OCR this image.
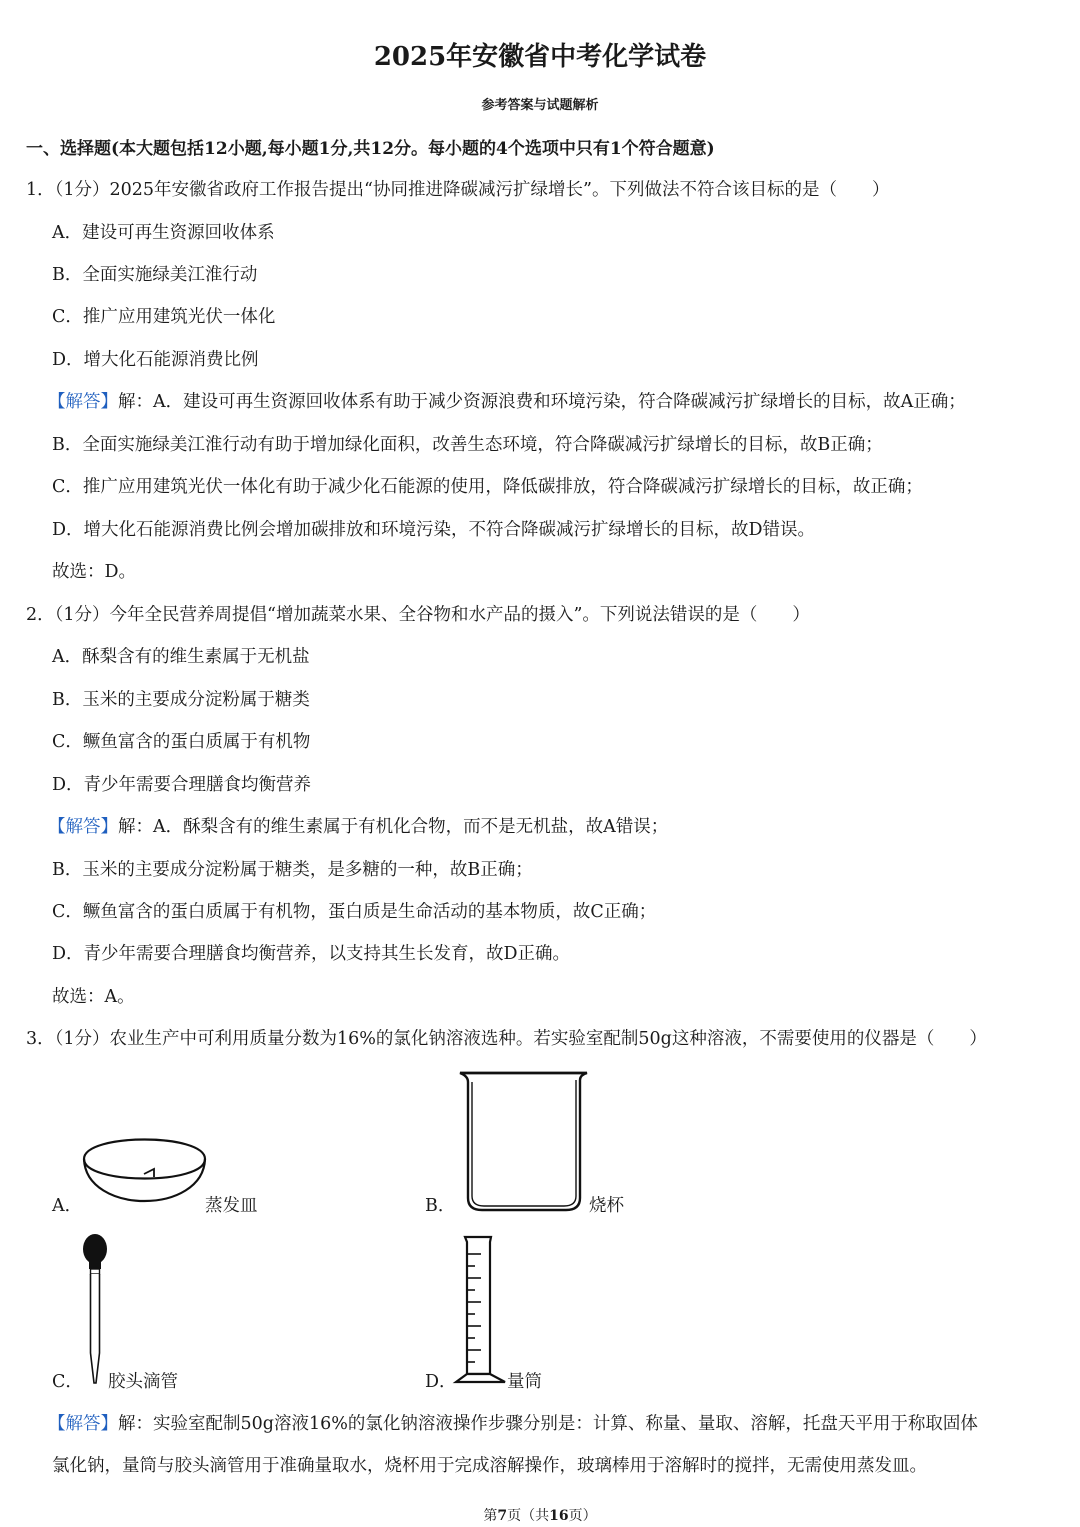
2025年安徽省中考化学试卷
参考答案与试题解析
一、选择题(本大题包括12小题,每小题1分,共12分。每小题的4个选项中只有1个符合题意)
1．（1分）2025年安徽省政府工作报告提出“协同推进降碳减污扩绿增长”。下列做法不符合该目标的是（　　）
A．建设可再生资源回收体系
B．全面实施绿美江淮行动
C．推广应用建筑光伏一体化
D．增大化石能源消费比例
【解答】解：A．建设可再生资源回收体系有助于减少资源浪费和环境污染，符合降碳减污扩绿增长的目标，故A正确；
B．全面实施绿美江淮行动有助于增加绿化面积，改善生态环境，符合降碳减污扩绿增长的目标，故B正确；
C．推广应用建筑光伏一体化有助于减少化石能源的使用，降低碳排放，符合降碳减污扩绿增长的目标，故正确；
D．增大化石能源消费比例会增加碳排放和环境污染，不符合降碳减污扩绿增长的目标，故D错误。
故选：D。
2．（1分）今年全民营养周提倡“增加蔬菜水果、全谷物和水产品的摄入”。下列说法错误的是（　　）
A．酥梨含有的维生素属于无机盐
B．玉米的主要成分淀粉属于糖类
C．鳜鱼富含的蛋白质属于有机物
D．青少年需要合理膳食均衡营养
【解答】解：A．酥梨含有的维生素属于有机化合物，而不是无机盐，故A错误；
B．玉米的主要成分淀粉属于糖类，是多糖的一种，故B正确；
C．鳜鱼富含的蛋白质属于有机物，蛋白质是生命活动的基本物质，故C正确；
D．青少年需要合理膳食均衡营养，以支持其生长发育，故D正确。
故选：A。
3．（1分）农业生产中可利用质量分数为16%的氯化钠溶液选种。若实验室配制50g这种溶液，不需要使用的仪器是（　　）
A．	蒸发皿	B．	烧杯
C． 胶头滴管	D．	量筒
【解答】解：实验室配制50g溶液16%的氯化钠溶液操作步骤分别是：计算、称量、量取、溶解，托盘天平用于称取固体
氯化钠，量筒与胶头滴管用于准确量取水，烧杯用于完成溶解操作，玻璃棒用于溶解时的搅拌，无需使用蒸发皿。
第7页（共16页）
